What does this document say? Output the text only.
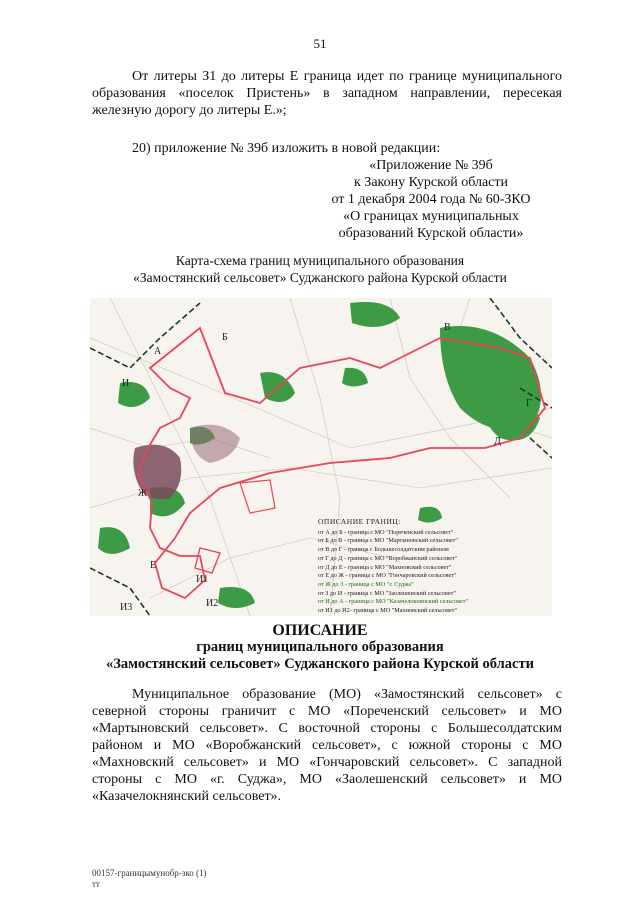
51

От литеры З1 до литеры Е граница идет по границе муниципального образования «поселок Пристень» в западном направлении, пересекая железную дорогу до литеры Е.»;

20) приложение № 39б изложить в новой редакции:

«Приложение № 39б
к Закону Курской области
от 1 декабря 2004 года № 60-ЗКО
«О границах муниципальных
образований Курской области»
Карта-схема границ муниципального образования
«Замостянский сельсовет» Суджанского района Курской области
А
Б
В
Г
Д
Ж
Е
И
И1
И2
И3
ОПИСАНИЕ ГРАНИЦ:
от А до Б - граница с МО "Пореченский сельсовет"
от Б до В - граница с МО "Мартыновский сельсовет"
от В до Г - граница с Большесолдатским районом
от Г до Д - граница с МО "Воробжанский сельсовет"
от Д до Е - граница с МО "Махновский сельсовет"
от Е до Ж - граница с МО "Гончаровский сельсовет"
от Ж до З - граница с МО "г. Суджа"
от З до И - граница с МО "Заолешенский сельсовет"
от И до А - граница с МО "Казачелокнянский сельсовет"
от И1 до И2- граница с МО "Махновский сельсовет"
ОПИСАНИЕ
границ муниципального образования
«Замостянский сельсовет» Суджанского района Курской области

Муниципальное образование (МО) «Замостянский сельсовет» с северной стороны граничит с МО «Пореченский сельсовет» и МО «Мартыновский сельсовет». С восточной стороны с Большесолдатским районом и МО «Воробжанский сельсовет», с южной стороны с МО «Махновский сельсовет» и МО «Гончаровский сельсовет». С западной стороны с МО «г. Суджа», МО «Заолешенский сельсовет» и МО «Казачелокнянский сельсовет».

00157-границымунобр-зко (1)
тт
